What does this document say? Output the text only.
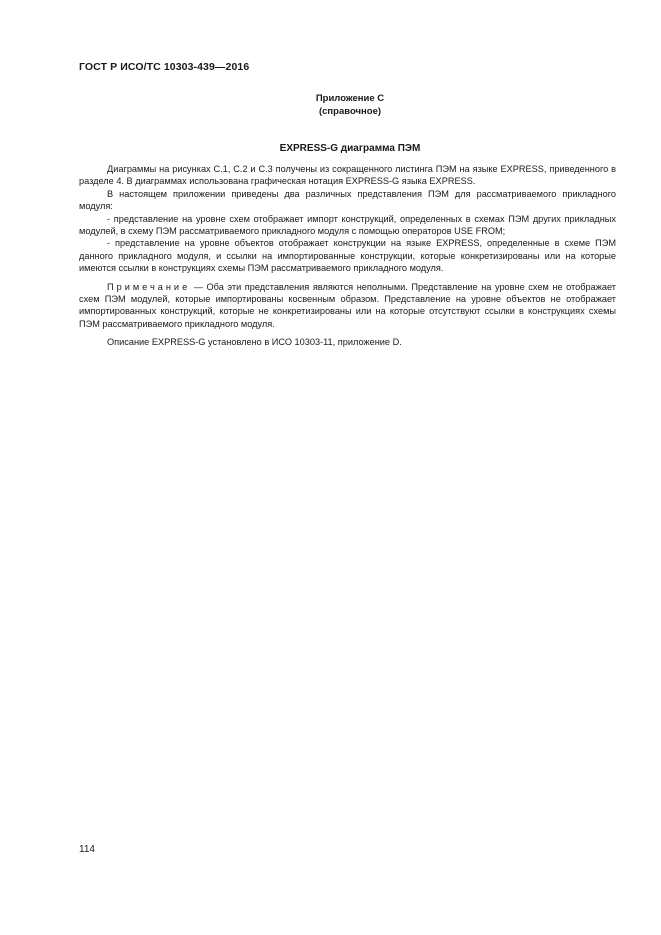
ГОСТ Р ИСО/ТС 10303-439—2016
Приложение С
(справочное)
EXPRESS-G диаграмма ПЭМ

Диаграммы на рисунках С.1, С.2 и С.3 получены из сокращенного листинга ПЭМ на языке EXPRESS, приведенного в разделе 4. В диаграммах использована графическая нотация EXPRESS-G языка EXPRESS.

В настоящем приложении приведены два различных представления ПЭМ для рассматриваемого прикладного модуля:

- представление на уровне схем отображает импорт конструкций, определенных в схемах ПЭМ других прикладных модулей, в схему ПЭМ рассматриваемого прикладного модуля с помощью операторов USE FROM;

- представление на уровне объектов отображает конструкции на языке EXPRESS, определенные в схеме ПЭМ данного прикладного модуля, и ссылки на импортированные конструкции, которые конкретизированы или на которые имеются ссылки в конструкциях схемы ПЭМ рассматриваемого прикладного модуля.

Примечание — Оба эти представления являются неполными. Представление на уровне схем не отображает схем ПЭМ модулей, которые импортированы косвенным образом. Представление на уровне объектов не отображает импортированных конструкций, которые не конкретизированы или на которые отсутствуют ссылки в конструкциях схемы ПЭМ рассматриваемого прикладного модуля.

Описание EXPRESS-G установлено в ИСО 10303-11, приложение D.

114
